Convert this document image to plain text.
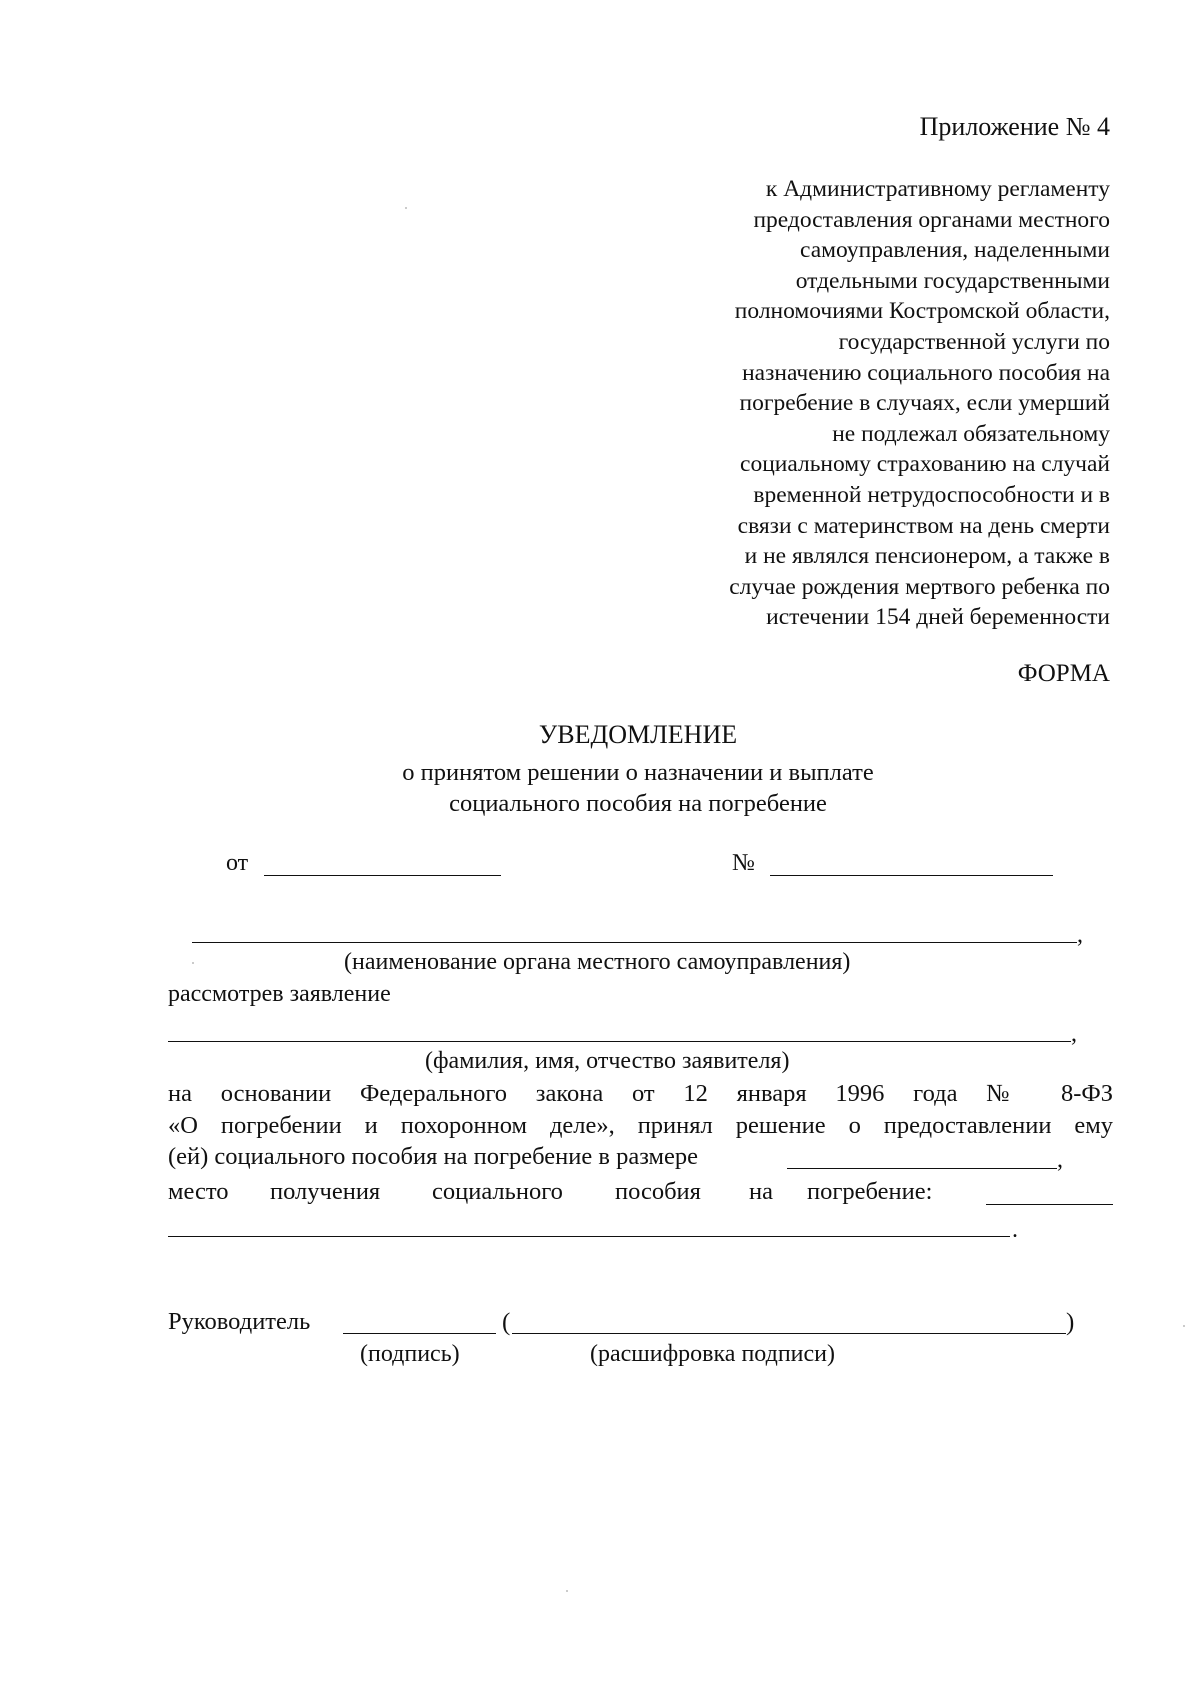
Приложение № 4
к Административному регламенту
предоставления органами местного
самоуправления, наделенными
отдельными государственными
полномочиями Костромской области,
государственной услуги по
назначению социального пособия на
погребение в случаях, если умерший
не подлежал обязательному
социальному страхованию на случай
временной нетрудоспособности и в
связи с материнством на день смерти
и не являлся пенсионером, а также в
случае рождения мертвого ребенка по
истечении 154 дней беременности
ФОРМА
УВЕДОМЛЕНИЕ
о принятом решении о назначении и выплате
социального пособия на погребение
от	№
,
(наименование органа местного самоуправления)
рассмотрев заявление
,
(фамилия, имя, отчество заявителя)
на основании Федерального закона от 12 января 1996 года № 8-ФЗ
«О погребении и похоронном деле», принял решение о предоставлении ему
(ей) социального пособия на погребение в размере	,
место получения социального пособия на погребение:
.
Руководитель	(	)
(подпись)	(расшифровка подписи)
